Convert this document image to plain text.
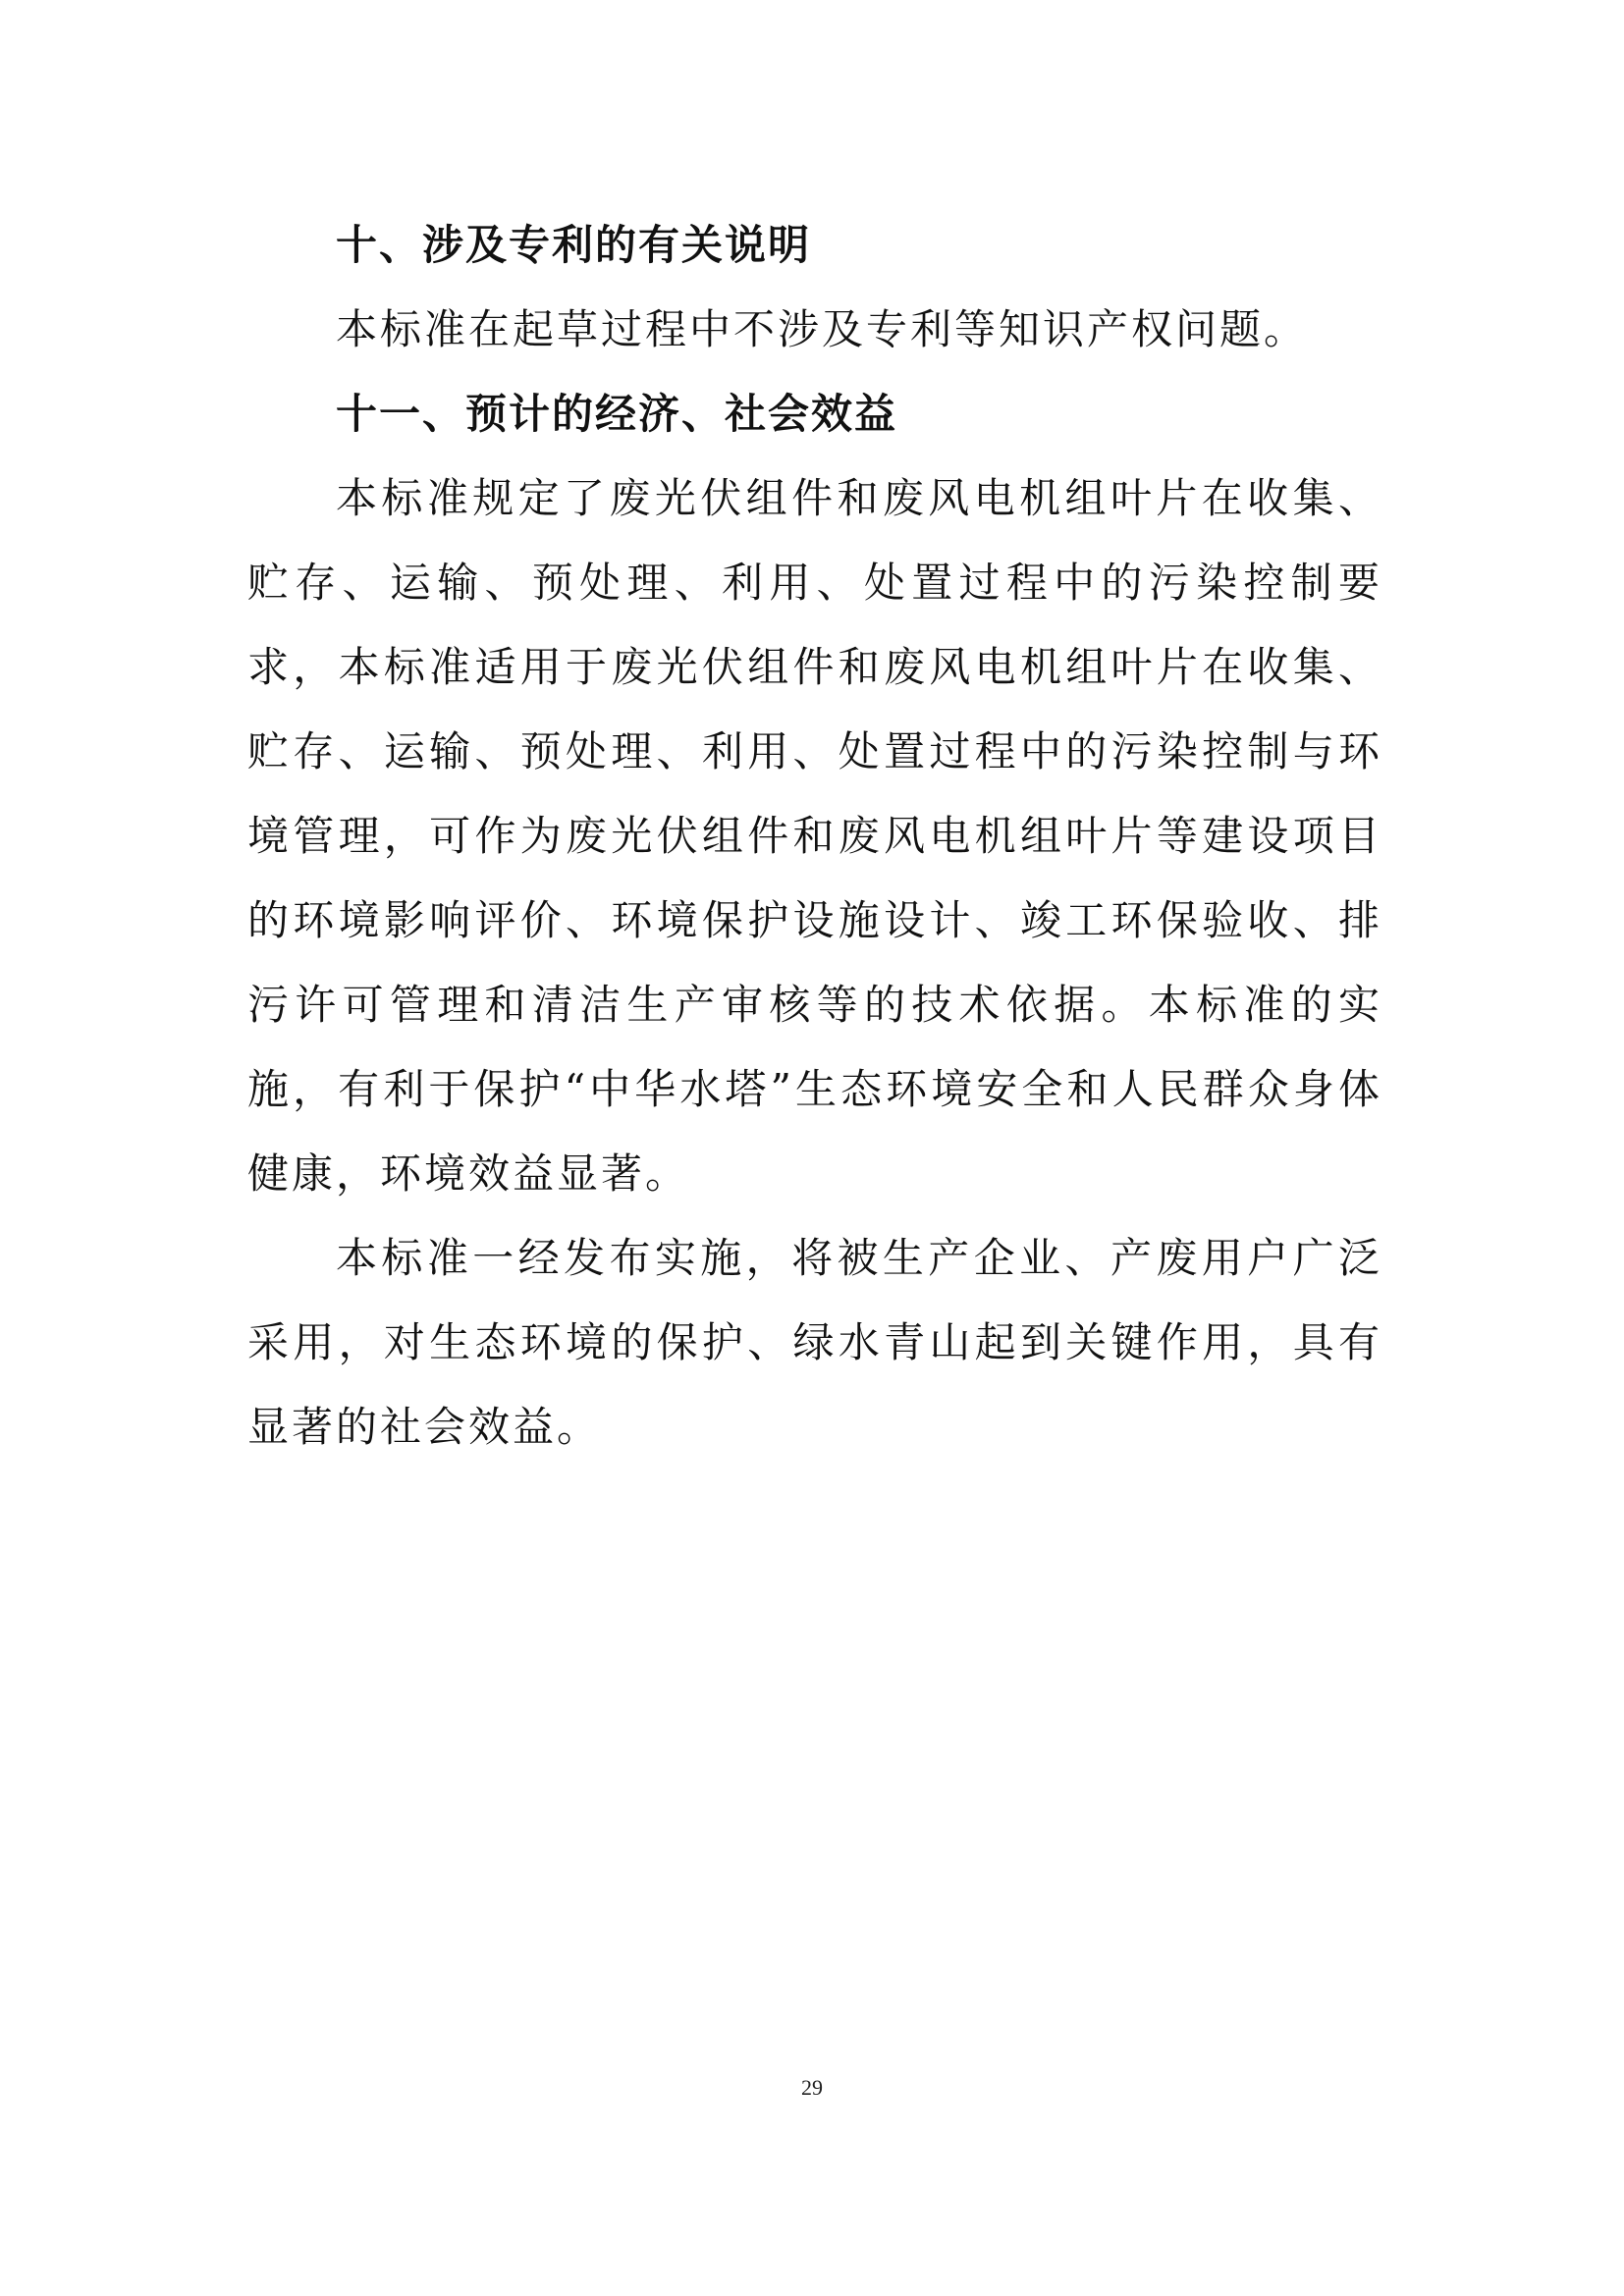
十、涉及专利的有关说明

本标准在起草过程中不涉及专利等知识产权问题。

十一、预计的经济、社会效益

本标准规定了废光伏组件和废风电机组叶片在收集、贮存、运输、预处理、利用、处置过程中的污染控制要求，本标准适用于废光伏组件和废风电机组叶片在收集、贮存、运输、预处理、利用、处置过程中的污染控制与环境管理，可作为废光伏组件和废风电机组叶片等建设项目的环境影响评价、环境保护设施设计、竣工环保验收、排污许可管理和清洁生产审核等的技术依据。本标准的实施，有利于保护“中华水塔”生态环境安全和人民群众身体健康，环境效益显著。

本标准一经发布实施，将被生产企业、产废用户广泛采用，对生态环境的保护、绿水青山起到关键作用，具有显著的社会效益。

29
